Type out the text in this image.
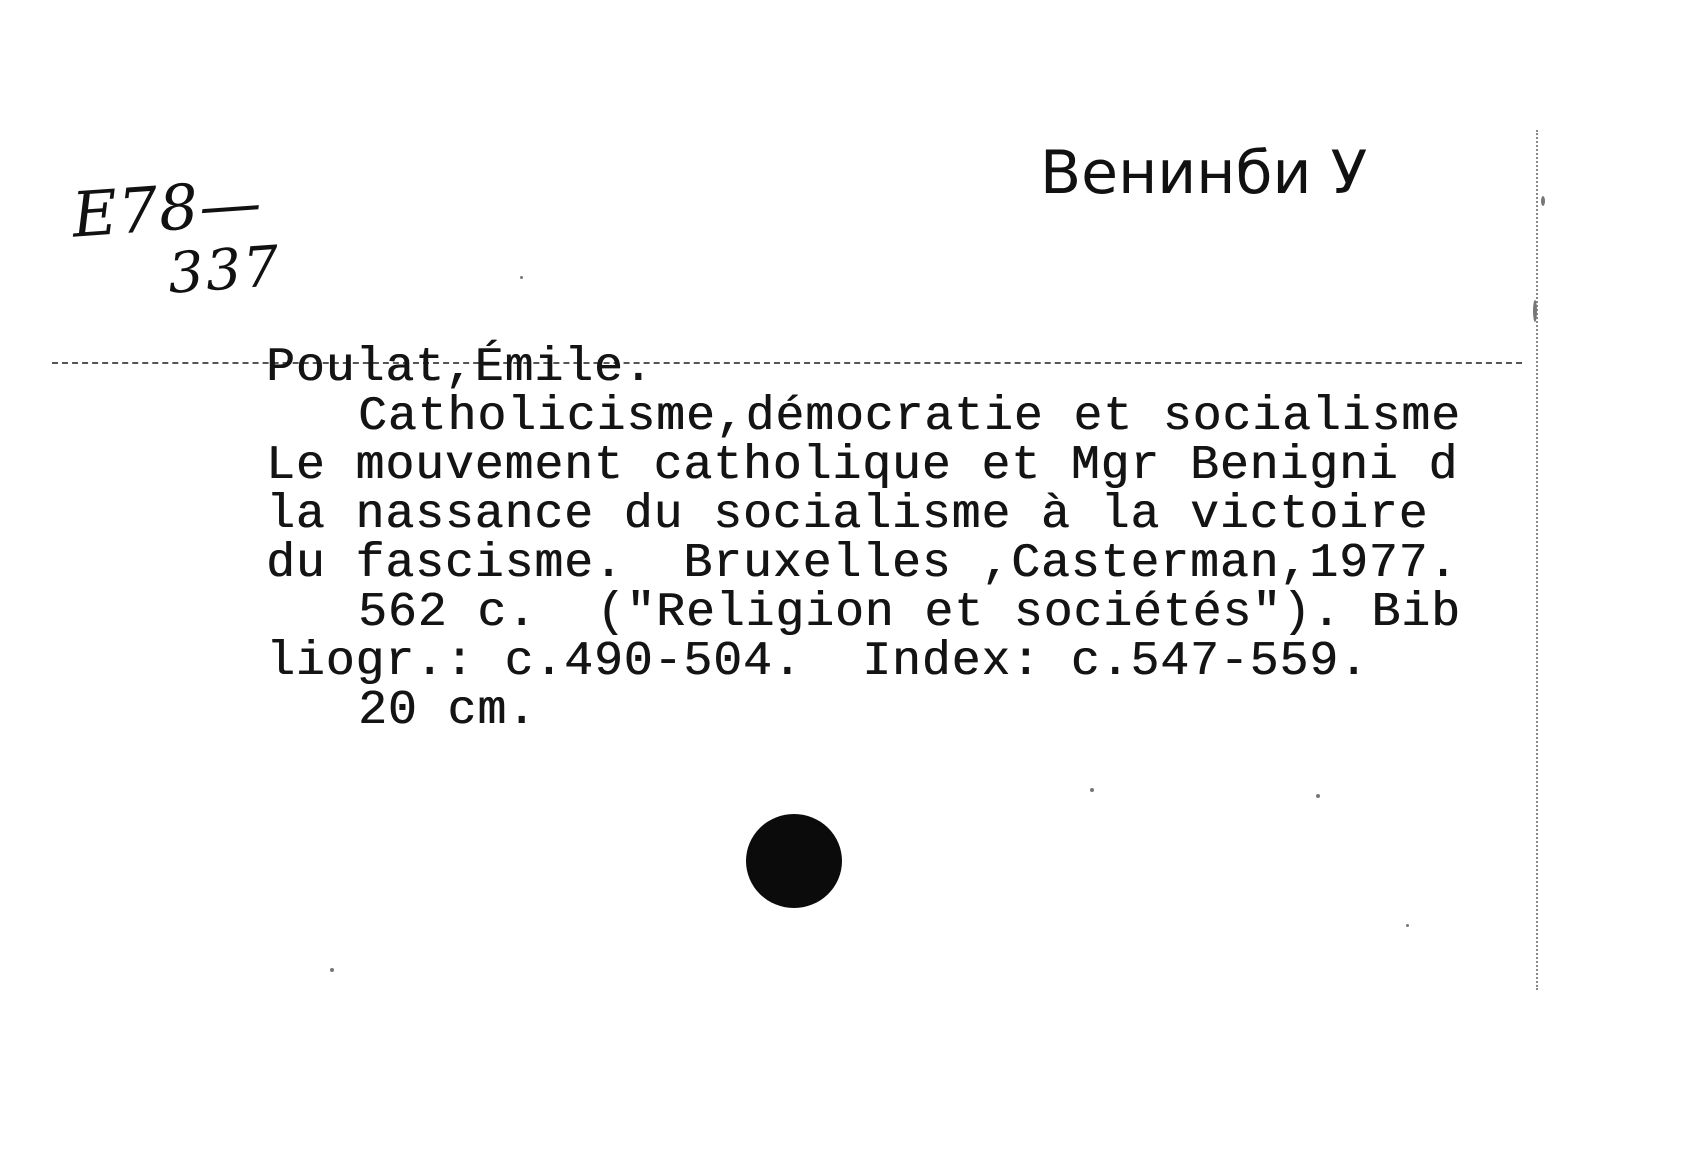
E78—
337
Венинби У
Poulat,Émile.
Catholicisme,démocratie et socialisme
Le mouvement catholique et Mgr Benigni d
la nassance du socialisme à la victoire
du fascisme.  Bruxelles ,Casterman,1977.
562 c.  ("Religion et sociétés"). Bib
liogr.: c.490-504.  Index: c.547-559.
20 cm.
